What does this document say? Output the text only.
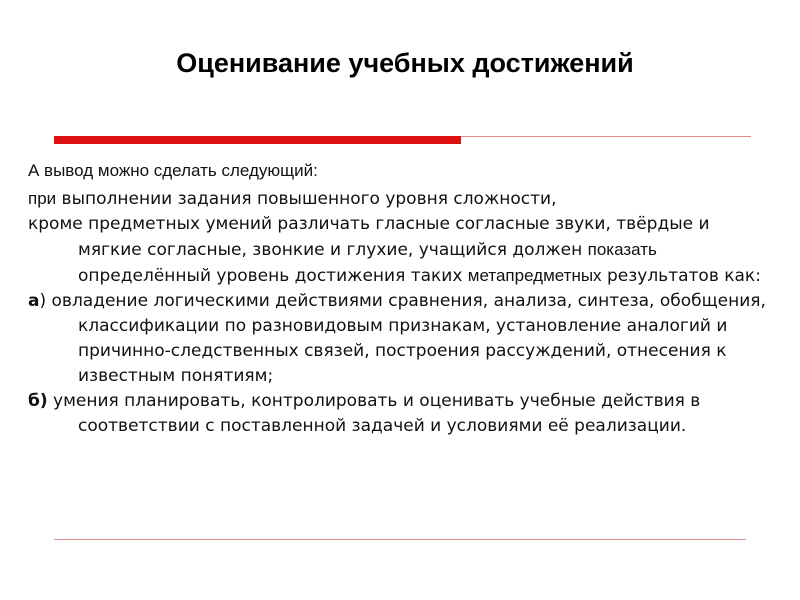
Оценивание учебных достижений

А вывод можно сделать следующий:

при выполнении задания повышенного уровня сложности,

кроме предметных умений различать гласные согласные звуки, твёрдые и мягкие согласные, звонкие и глухие, учащийся должен показать определённый уровень достижения таких метапредметных результатов как:

а) овладение логическими действиями сравнения, анализа, синтеза, обобщения, классификации по разновидовым признакам, установление аналогий и причинно-следственных связей, построения рассуждений, отнесения к известным понятиям;

б) умения планировать, контролировать и оценивать учебные действия в соответствии с поставленной задачей и условиями её реализации.
